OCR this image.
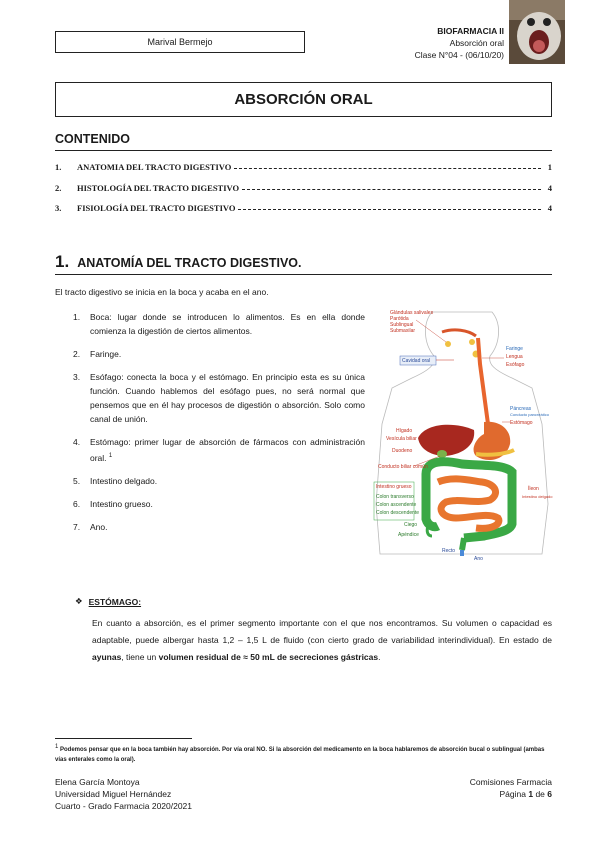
Marival Bermejo
BIOFARMACIA II
Absorción oral
Clase N°04 - (06/10/20)
ABSORCIÓN ORAL
CONTENIDO
1.	ANATOMIA DEL TRACTO DIGESTIVO	1
2.	HISTOLOGÍA DEL TRACTO DIGESTIVO	4
3.	FISIOLOGÍA DEL TRACTO DIGESTIVO	4
1. ANATOMÍA DEL TRACTO DIGESTIVO.
El tracto digestivo se inicia en la boca y acaba en el ano.
1.	Boca: lugar donde se introducen lo alimentos. Es en ella donde comienza la digestión de ciertos alimentos.
2.	Faringe.
3.	Esófago: conecta la boca y el estómago. En principio esta es su única función. Cuando hablemos del esófago pues, no será normal que pensemos que en él hay procesos de digestión o absorción. Solo como canal de unión.
4.	Estómago: primer lugar de absorción de fármacos con administración oral. $^1$
5.	Intestino delgado.
6.	Intestino grueso.
7.	Ano.
Glándulas salivales
Parótida
Sublingual
Submaxilar
Cavidad oral
Hígado
Vesícula biliar
Duodeno
Conducto biliar común
Intestino grueso
Colon transverso
Colon ascendente
Colon descendente
Ciego
Apéndice
Recto
Ano
Faringe
Lengua
Esófago
Páncreas
Conducto pancreático
Estómago
Íleon
Intestino delgado
❖ ESTÓMAGO:
En cuanto a absorción, es el primer segmento importante con el que nos encontramos. Su volumen o capacidad es adaptable, puede albergar hasta 1,2 – 1,5 L de fluido (con cierto grado de variabilidad interindividual). En estado de ayunas, tiene un volumen residual de ≈ 50 mL de secreciones gástricas.
$^1$ Podemos pensar que en la boca también hay absorción. Por vía oral NO. Si la absorción del medicamento en la boca hablaremos de absorción bucal o sublingual (ambas vías enterales como la oral).
Elena García Montoya
Universidad Miguel Hernández
Cuarto - Grado Farmacia 2020/2021
Comisiones Farmacia
Página 1 de 6
